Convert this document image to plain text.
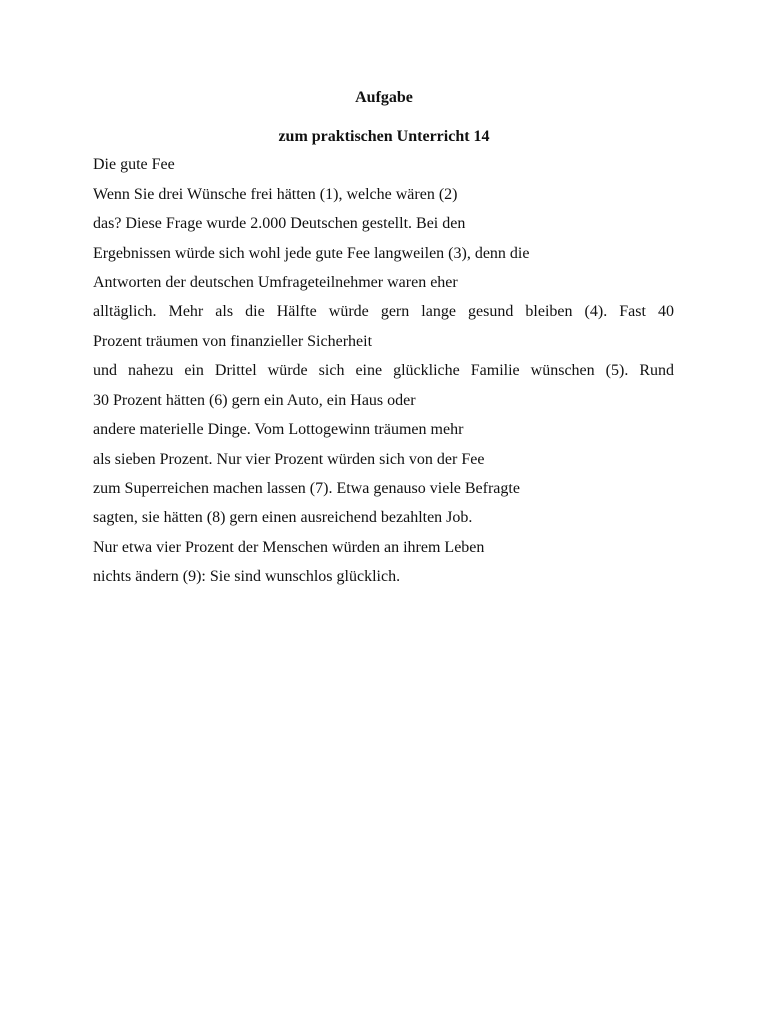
Aufgabe
zum praktischen Unterricht 14
Die gute Fee
Wenn Sie drei Wünsche frei hätten (1), welche wären (2)
das? Diese Frage wurde 2.000 Deutschen gestellt. Bei den
Ergebnissen würde sich wohl jede gute Fee langweilen (3), denn die
Antworten der deutschen Umfrageteilnehmer waren eher
alltäglich. Mehr als die Hälfte würde gern lange gesund bleiben (4). Fast 40
Prozent träumen von finanzieller Sicherheit
und nahezu ein Drittel würde sich eine glückliche Familie wünschen (5). Rund
30 Prozent hätten (6) gern ein Auto, ein Haus oder
andere materielle Dinge. Vom Lottogewinn träumen mehr
als sieben Prozent. Nur vier Prozent würden sich von der Fee
zum Superreichen machen lassen (7). Etwa genauso viele Befragte
sagten, sie hätten (8) gern einen ausreichend bezahlten Job.
Nur etwa vier Prozent der Menschen würden an ihrem Leben
nichts ändern (9): Sie sind wunschlos glücklich.
